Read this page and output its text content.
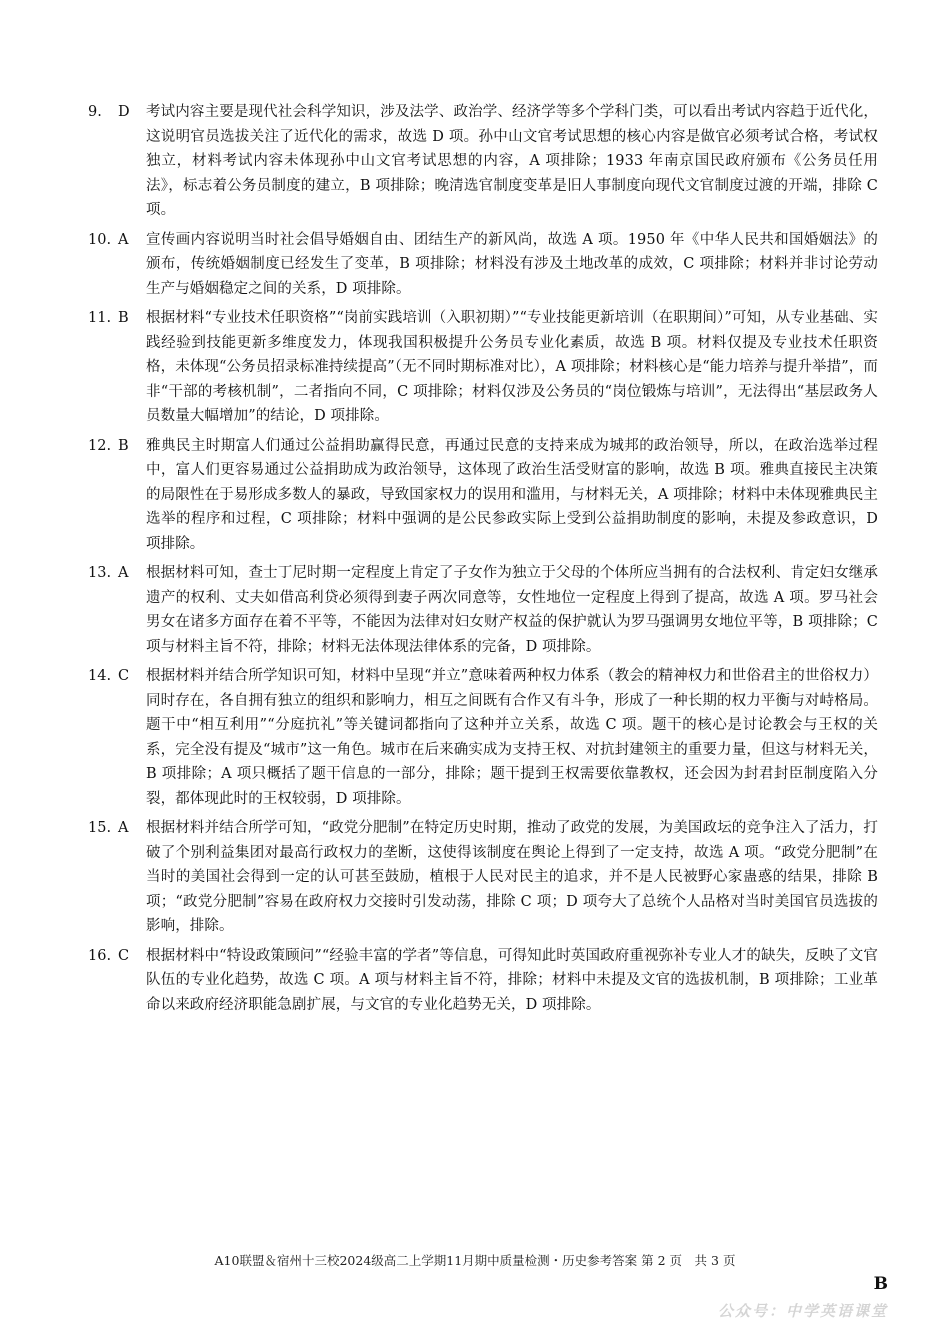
9.	D	考试内容主要是现代社会科学知识，涉及法学、政治学、经济学等多个学科门类，可以看出考试内容趋于近代化，这说明官员选拔关注了近代化的需求，故选 D 项。孙中山文官考试思想的核心内容是做官必须考试合格，考试权独立，材料考试内容未体现孙中山文官考试思想的内容，A 项排除；1933 年南京国民政府颁布《公务员任用法》，标志着公务员制度的建立，B 项排除；晚清选官制度变革是旧人事制度向现代文官制度过渡的开端，排除 C 项。
10. A	宣传画内容说明当时社会倡导婚姻自由、团结生产的新风尚，故选 A 项。1950 年《中华人民共和国婚姻法》的颁布，传统婚姻制度已经发生了变革，B 项排除；材料没有涉及土地改革的成效，C 项排除；材料并非讨论劳动生产与婚姻稳定之间的关系，D 项排除。
11. B	根据材料“专业技术任职资格”“岗前实践培训（入职初期）”“专业技能更新培训（在职期间）”可知，从专业基础、实践经验到技能更新多维度发力，体现我国积极提升公务员专业化素质，故选 B 项。材料仅提及专业技术任职资格，未体现“公务员招录标准持续提高”（无不同时期标准对比），A 项排除；材料核心是“能力培养与提升举措”，而非“干部的考核机制”，二者指向不同，C 项排除；材料仅涉及公务员的“岗位锻炼与培训”，无法得出“基层政务人员数量大幅增加”的结论，D 项排除。
12. B	雅典民主时期富人们通过公益捐助赢得民意，再通过民意的支持来成为城邦的政治领导，所以，在政治选举过程中，富人们更容易通过公益捐助成为政治领导，这体现了政治生活受财富的影响，故选 B 项。雅典直接民主决策的局限性在于易形成多数人的暴政，导致国家权力的误用和滥用，与材料无关，A 项排除；材料中未体现雅典民主选举的程序和过程，C 项排除；材料中强调的是公民参政实际上受到公益捐助制度的影响，未提及参政意识，D 项排除。
13. A	根据材料可知，查士丁尼时期一定程度上肯定了子女作为独立于父母的个体所应当拥有的合法权利、肯定妇女继承遗产的权利、丈夫如借高利贷必须得到妻子两次同意等，女性地位一定程度上得到了提高，故选 A 项。罗马社会男女在诸多方面存在着不平等，不能因为法律对妇女财产权益的保护就认为罗马强调男女地位平等，B 项排除；C 项与材料主旨不符，排除；材料无法体现法律体系的完备，D 项排除。
14. C	根据材料并结合所学知识可知，材料中呈现“并立”意味着两种权力体系（教会的精神权力和世俗君主的世俗权力）同时存在，各自拥有独立的组织和影响力，相互之间既有合作又有斗争，形成了一种长期的权力平衡与对峙格局。题干中“相互利用”“分庭抗礼”等关键词都指向了这种并立关系，故选 C 项。题干的核心是讨论教会与王权的关系，完全没有提及“城市”这一角色。城市在后来确实成为支持王权、对抗封建领主的重要力量，但这与材料无关，B 项排除；A 项只概括了题干信息的一部分，排除；题干提到王权需要依靠教权，还会因为封君封臣制度陷入分裂，都体现此时的王权较弱，D 项排除。
15. A	根据材料并结合所学可知，“政党分肥制”在特定历史时期，推动了政党的发展，为美国政坛的竞争注入了活力，打破了个别利益集团对最高行政权力的垄断，这使得该制度在舆论上得到了一定支持，故选 A 项。“政党分肥制”在当时的美国社会得到一定的认可甚至鼓励，植根于人民对民主的追求，并不是人民被野心家蛊惑的结果，排除 B 项；“政党分肥制”容易在政府权力交接时引发动荡，排除 C 项；D 项夸大了总统个人品格对当时美国官员选拔的影响，排除。
16. C	根据材料中“特设政策顾问”“经验丰富的学者”等信息，可得知此时英国政府重视弥补专业人才的缺失，反映了文官队伍的专业化趋势，故选 C 项。A 项与材料主旨不符，排除；材料中未提及文官的选拔机制，B 项排除；工业革命以来政府经济职能急剧扩展，与文官的专业化趋势无关，D 项排除。
A10联盟＆宿州十三校2024级高二上学期11月期中质量检测・历史参考答案 第 2 页　共 3 页
B
公众号：中学英语课堂
